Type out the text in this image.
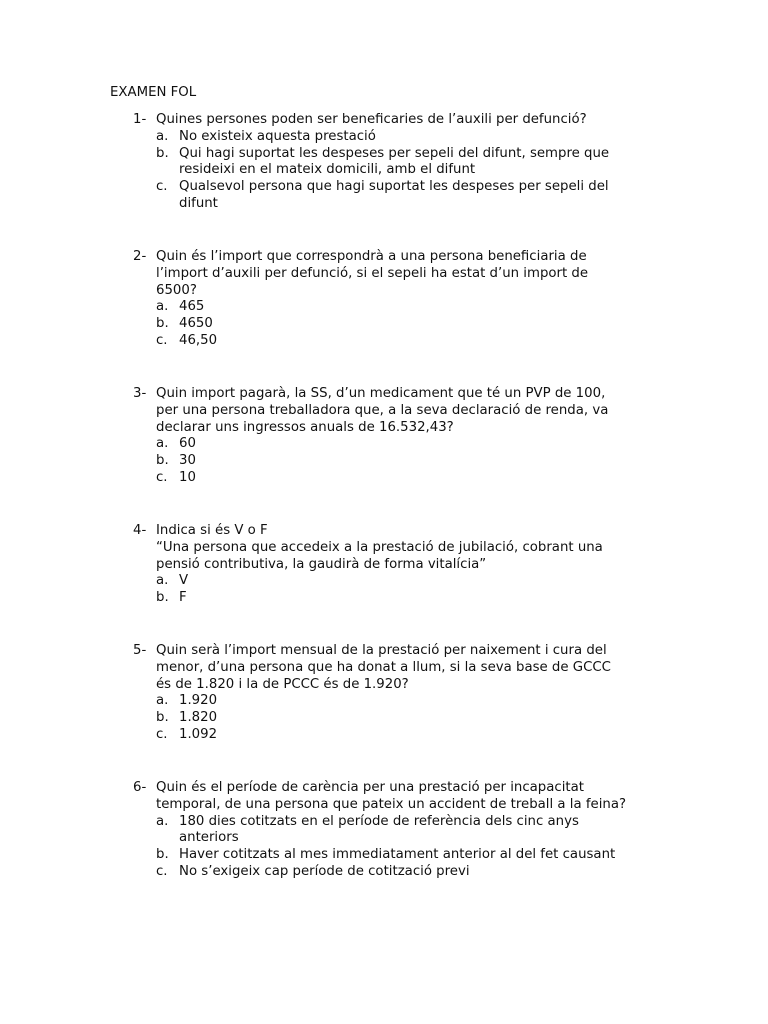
EXAMEN FOL
1- Quines persones poden ser beneficaries de l’auxili per defunció?
a. No existeix aquesta prestació
b. Qui hagi suportat les despeses per sepeli del difunt, sempre que
resideixi en el mateix domicili, amb el difunt
c. Qualsevol persona que hagi suportat les despeses per sepeli del
difunt
2- Quin és l’import que correspondrà a una persona beneficiaria de
l’import d’auxili per defunció, si el sepeli ha estat d’un import de
6500?
a. 465
b. 4650
c. 46,50
3- Quin import pagarà, la SS, d’un medicament que té un PVP de 100,
per una persona treballadora que, a la seva declaració de renda, va
declarar uns ingressos anuals de 16.532,43?
a. 60
b. 30
c. 10
4- Indica si és V o F
“Una persona que accedeix a la prestació de jubilació, cobrant una
pensió contributiva, la gaudirà de forma vitalícia”
a. V
b. F
5- Quin serà l’import mensual de la prestació per naixement i cura del
menor, d’una persona que ha donat a llum, si la seva base de GCCC
és de 1.820 i la de PCCC és de 1.920?
a. 1.920
b. 1.820
c. 1.092
6- Quin és el període de carència per una prestació per incapacitat
temporal, de una persona que pateix un accident de treball a la feina?
a. 180 dies cotitzats en el període de referència dels cinc anys
anteriors
b. Haver cotitzats al mes immediatament anterior al del fet causant
c. No s’exigeix cap període de cotització previ
